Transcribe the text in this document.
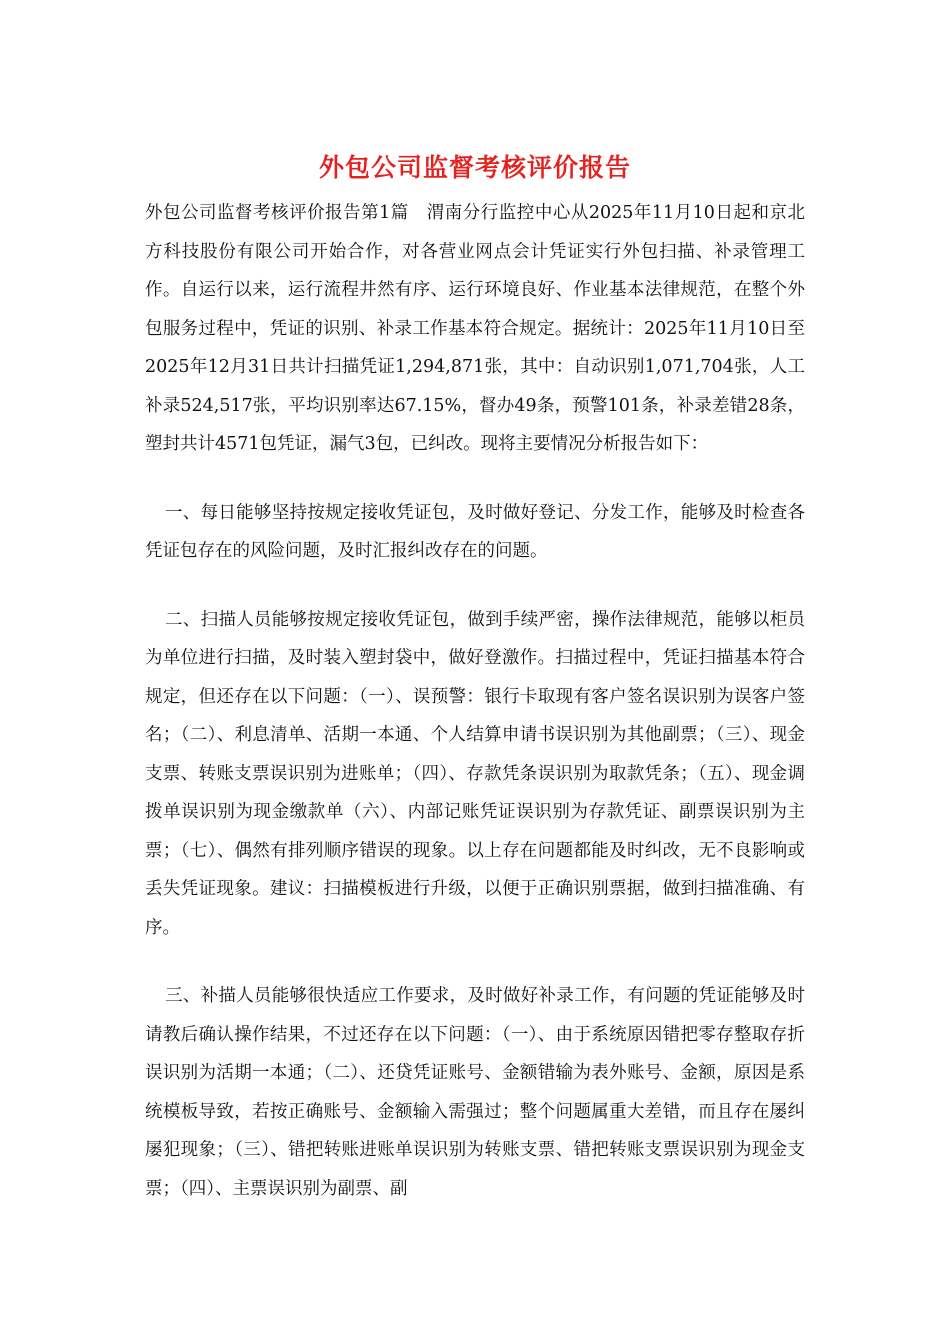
外包公司监督考核评价报告

外包公司监督考核评价报告第1篇　渭南分行监控中心从2025年11月10日起和京北方科技股份有限公司开始合作，对各营业网点会计凭证实行外包扫描、补录管理工作。自运行以来，运行流程井然有序、运行环境良好、作业基本法律规范，在整个外包服务过程中，凭证的识别、补录工作基本符合规定。据统计：2025年11月10日至2025年12月31日共计扫描凭证1,294,871张，其中：自动识别1,071,704张，人工补录524,517张，平均识别率达67.15%，督办49条，预警101条，补录差错28条，塑封共计4571包凭证，漏气3包，已纠改。现将主要情况分析报告如下：

一、每日能够坚持按规定接收凭证包，及时做好登记、分发工作，能够及时检查各凭证包存在的风险问题，及时汇报纠改存在的问题。

二、扫描人员能够按规定接收凭证包，做到手续严密，操作法律规范，能够以柜员为单位进行扫描，及时装入塑封袋中，做好登激作。扫描过程中，凭证扫描基本符合规定，但还存在以下问题：（一）、误预警：银行卡取现有客户签名误识别为误客户签名；（二）、利息清单、活期一本通、个人结算申请书误识别为其他副票；（三）、现金支票、转账支票误识别为进账单；（四）、存款凭条误识别为取款凭条；（五）、现金调拨单误识别为现金缴款单（六）、内部记账凭证误识别为存款凭证、副票误识别为主票；（七）、偶然有排列顺序错误的现象。以上存在问题都能及时纠改，无不良影响或丢失凭证现象。建议：扫描模板进行升级，以便于正确识别票据，做到扫描准确、有序。

三、补描人员能够很快适应工作要求，及时做好补录工作，有问题的凭证能够及时请教后确认操作结果，不过还存在以下问题：（一）、由于系统原因错把零存整取存折误识别为活期一本通；（二）、还贷凭证账号、金额错输为表外账号、金额，原因是系统模板导致，若按正确账号、金额输入需强过；整个问题属重大差错，而且存在屡纠屡犯现象；（三）、错把转账进账单误识别为转账支票、错把转账支票误识别为现金支票；（四）、主票误识别为副票、副
